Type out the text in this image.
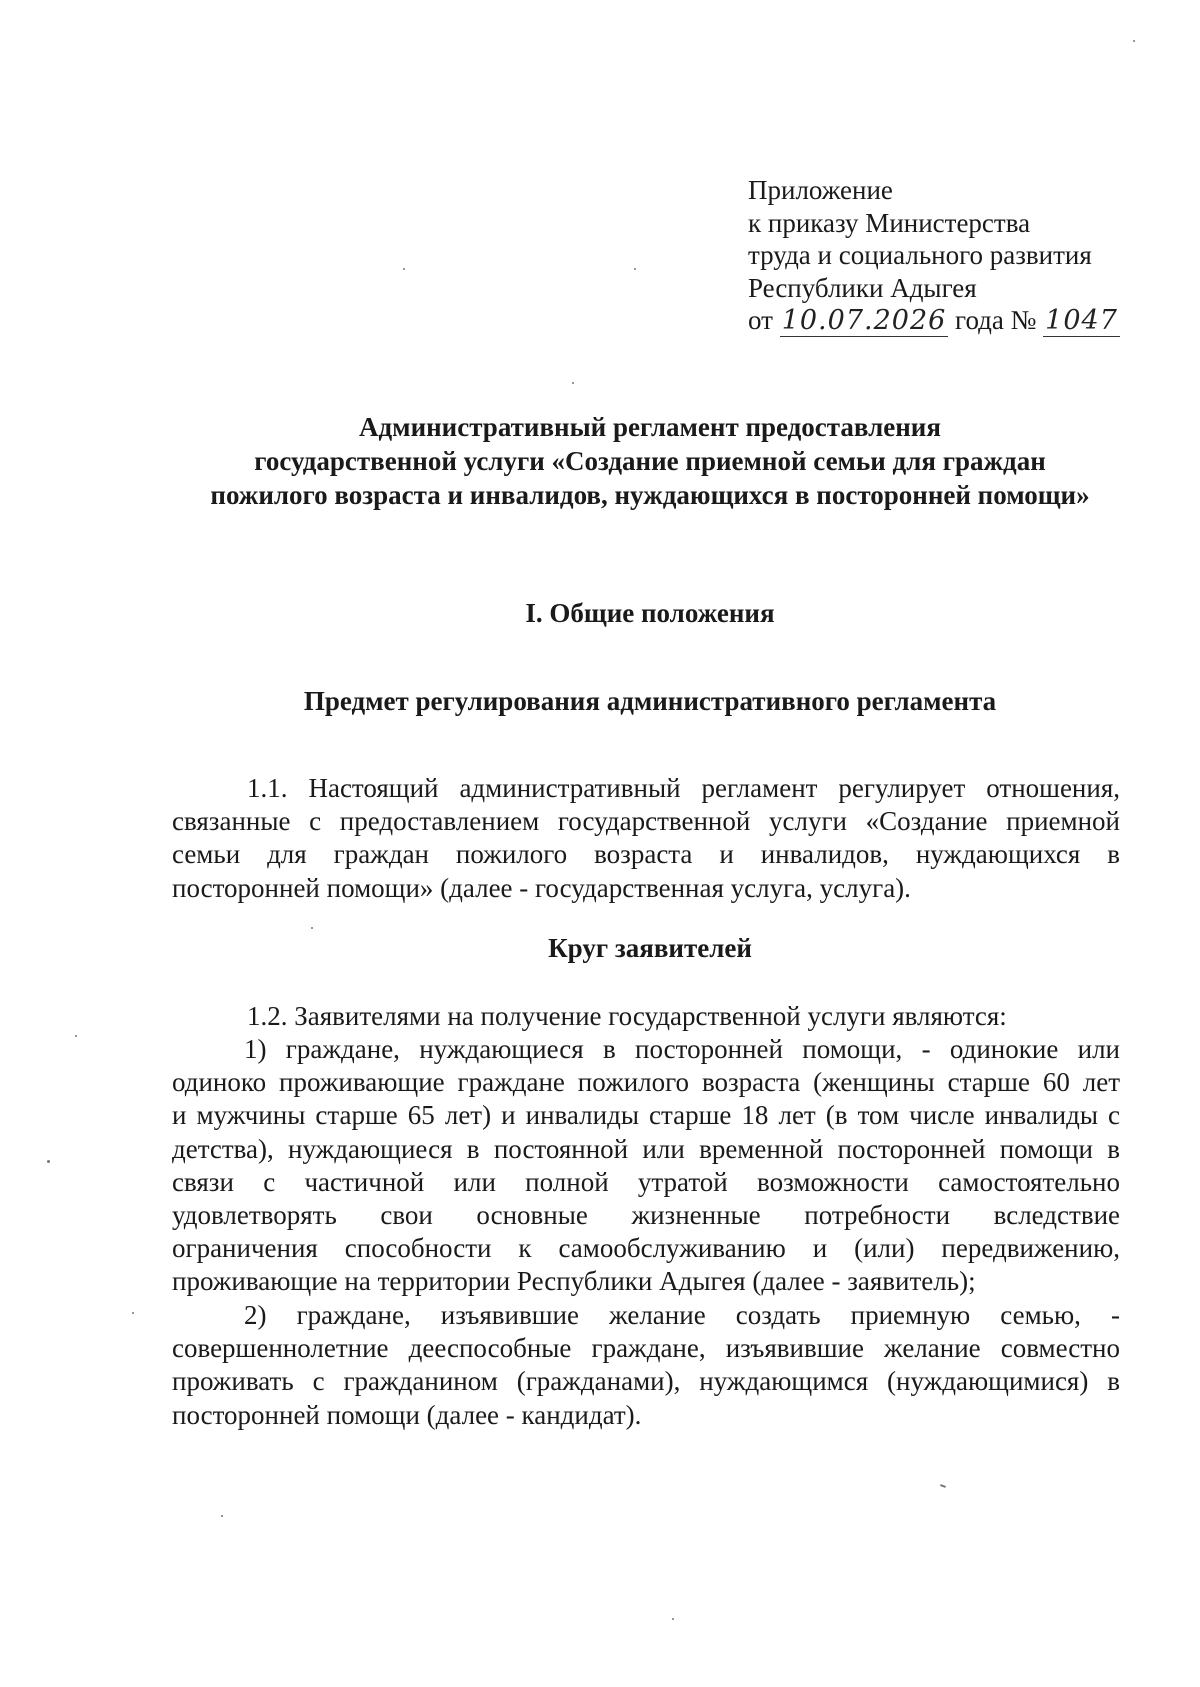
Приложение
к приказу Министерства
труда и социального развития
Республики Адыгея
от 10.07.2026 года № 1047
Административный регламент предоставления
государственной услуги «Создание приемной семьи для граждан
пожилого возраста и инвалидов, нуждающихся в посторонней помощи»
I. Общие положения
Предмет регулирования административного регламента
1.1. Настоящий административный регламент регулирует отношения,
связанные с предоставлением государственной услуги «Создание приемной
семьи для граждан пожилого возраста и инвалидов, нуждающихся в
посторонней помощи» (далее - государственная услуга, услуга).
Круг заявителей
1.2. Заявителями на получение государственной услуги являются:
1) граждане, нуждающиеся в посторонней помощи, - одинокие или
одиноко проживающие граждане пожилого возраста (женщины старше 60 лет
и мужчины старше 65 лет) и инвалиды старше 18 лет (в том числе инвалиды с
детства), нуждающиеся в постоянной или временной посторонней помощи в
связи с частичной или полной утратой возможности самостоятельно
удовлетворять свои основные жизненные потребности вследствие
ограничения способности к самообслуживанию и (или) передвижению,
проживающие на территории Республики Адыгея (далее - заявитель);
2) граждане, изъявившие желание создать приемную семью, -
совершеннолетние дееспособные граждане, изъявившие желание совместно
проживать с гражданином (гражданами), нуждающимся (нуждающимися) в
посторонней помощи (далее - кандидат).
